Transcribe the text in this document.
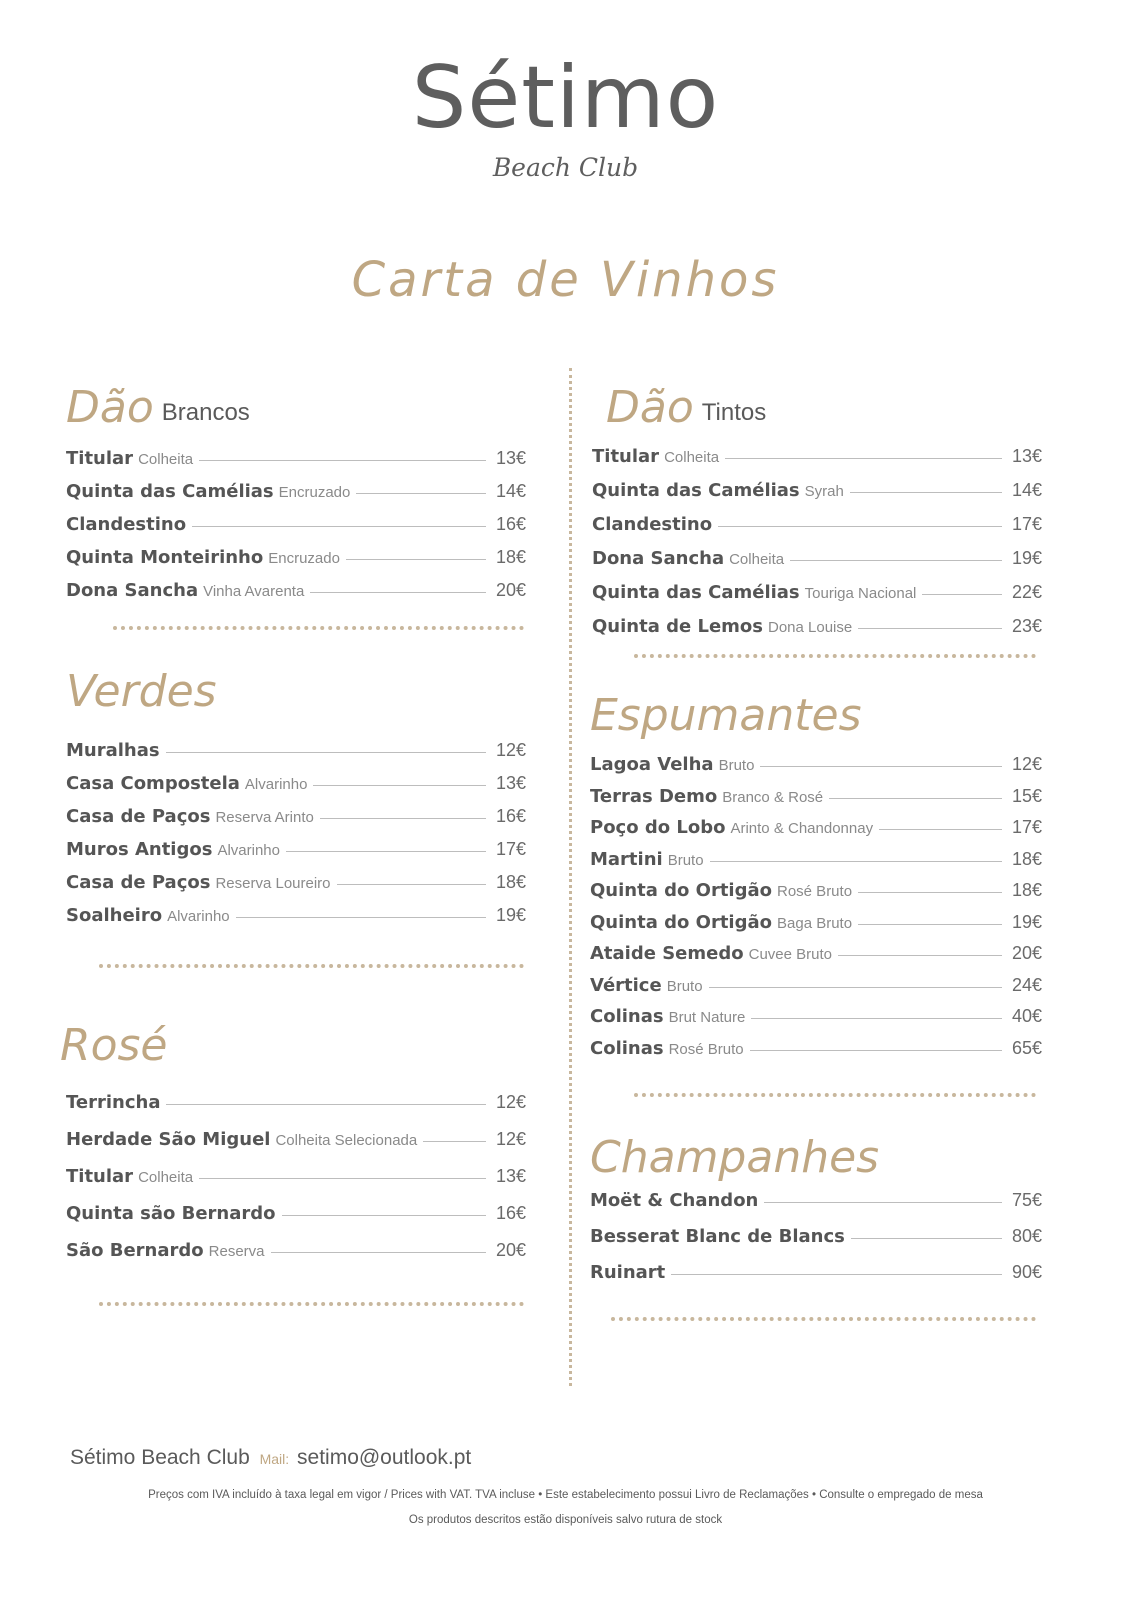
Sétimo
Beach Club
Carta de Vinhos
Dão Brancos
Titular Colheita	13€
Quinta das Camélias Encruzado	14€
Clandestino	16€
Quinta Monteirinho Encruzado	18€
Dona Sancha Vinha Avarenta	20€
Verdes
Muralhas	12€
Casa Compostela Alvarinho	13€
Casa de Paços Reserva Arinto	16€
Muros Antigos Alvarinho	17€
Casa de Paços Reserva Loureiro	18€
Soalheiro Alvarinho	19€
Rosé
Terrincha	12€
Herdade São Miguel Colheita Selecionada	12€
Titular Colheita	13€
Quinta são Bernardo	16€
São Bernardo Reserva	20€
Dão Tintos
Titular Colheita	13€
Quinta das Camélias Syrah	14€
Clandestino	17€
Dona Sancha Colheita	19€
Quinta das Camélias Touriga Nacional	22€
Quinta de Lemos Dona Louise	23€
Espumantes
Lagoa Velha Bruto	12€
Terras Demo Branco & Rosé	15€
Poço do Lobo Arinto & Chandonnay	17€
Martini Bruto	18€
Quinta do Ortigão Rosé Bruto	18€
Quinta do Ortigão Baga Bruto	19€
Ataide Semedo Cuvee Bruto	20€
Vértice Bruto	24€
Colinas Brut Nature	40€
Colinas Rosé Bruto	65€
Champanhes
Moët & Chandon	75€
Besserat Blanc de Blancs	80€
Ruinart	90€
Sétimo Beach Club Mail: setimo@outlook.pt
Preços com IVA incluído à taxa legal em vigor / Prices with VAT. TVA incluse • Este estabelecimento possui Livro de Reclamações • Consulte o empregado de mesa
Os produtos descritos estão disponíveis salvo rutura de stock
